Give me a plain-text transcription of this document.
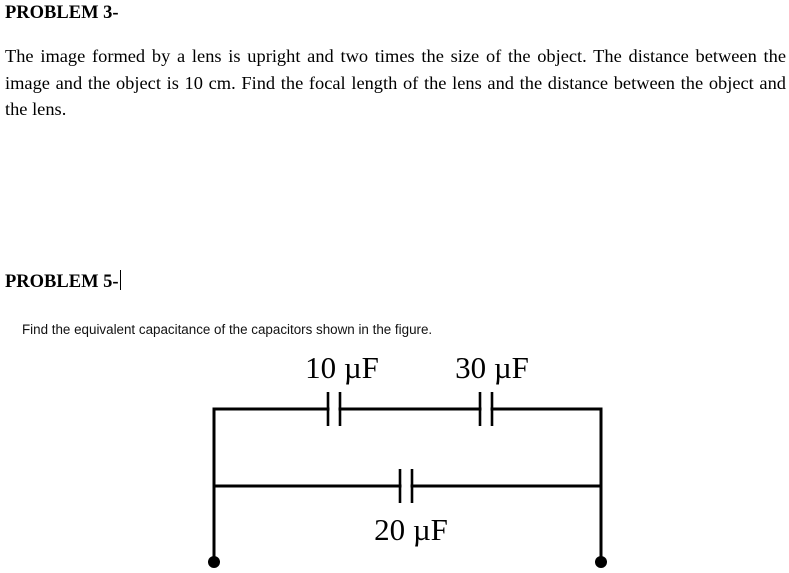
PROBLEM 3-
The image formed by a lens is upright and two times the size of the object. The distance between the image and the object is 10 cm. Find the focal length of the lens and the distance between the object and the lens.
PROBLEM 5-
Find the equivalent capacitance of the capacitors shown in the figure.
10 µF 30 µF
20 µF
